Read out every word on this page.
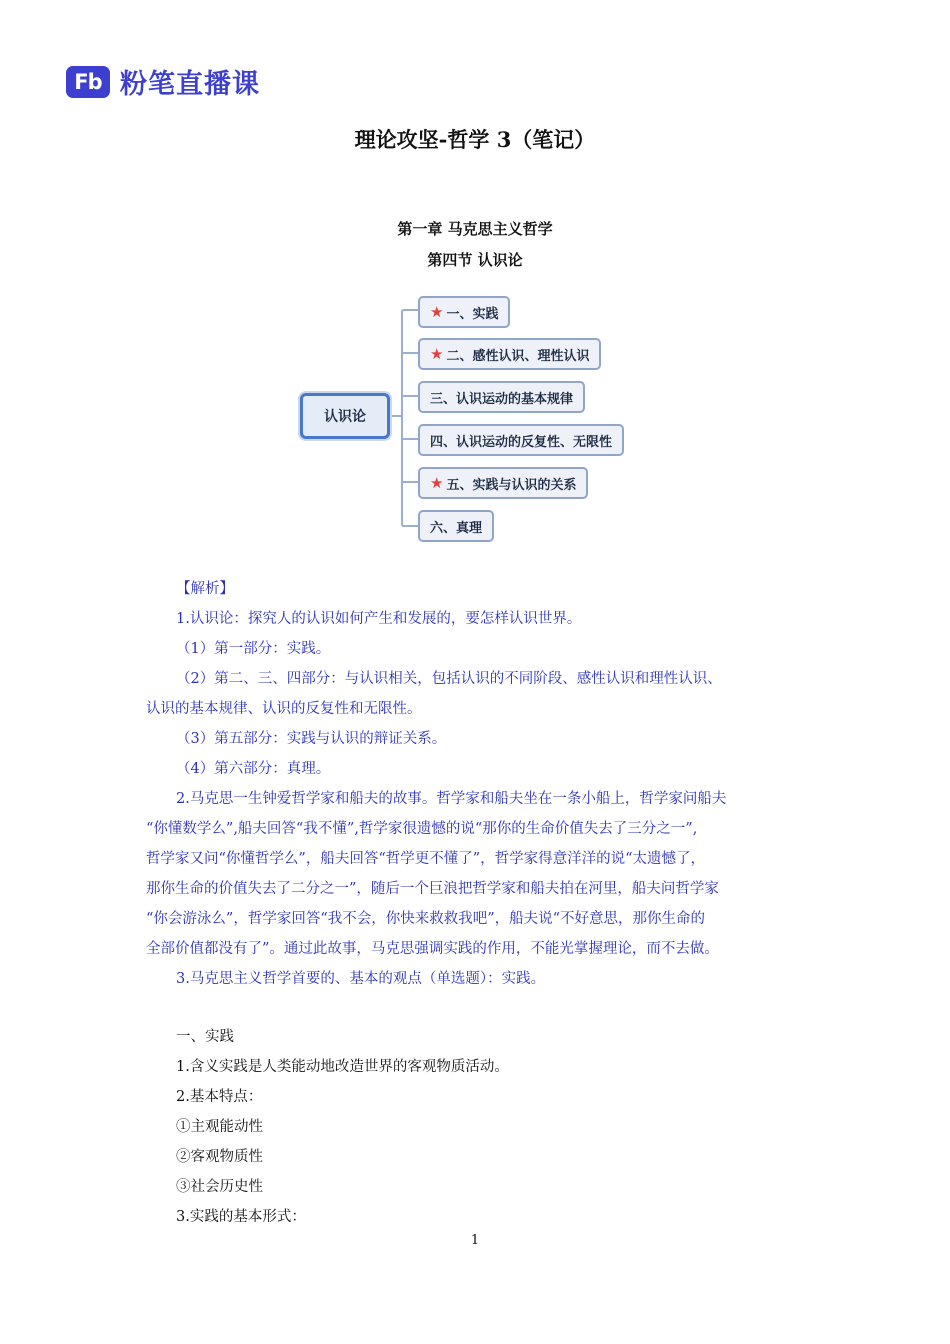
Fb 粉笔直播课
理论攻坚-哲学 3（笔记）
第一章 马克思主义哲学
第四节 认识论
认识论
★ 一、实践
★ 二、感性认识、理性认识
三、认识运动的基本规律
四、认识运动的反复性、无限性
★ 五、实践与认识的关系
六、真理
【解析】
1.认识论：探究人的认识如何产生和发展的，要怎样认识世界。
（1）第一部分：实践。
（2）第二、三、四部分：与认识相关，包括认识的不同阶段、感性认识和理性认识、
认识的基本规律、认识的反复性和无限性。
（3）第五部分：实践与认识的辩证关系。
（4）第六部分：真理。
2.马克思一生钟爱哲学家和船夫的故事。哲学家和船夫坐在一条小船上，哲学家问船夫
“你懂数学么”,船夫回答“我不懂”,哲学家很遗憾的说“那你的生命价值失去了三分之一”,
哲学家又问“你懂哲学么”，船夫回答“哲学更不懂了”，哲学家得意洋洋的说“太遗憾了，
那你生命的价值失去了二分之一”，随后一个巨浪把哲学家和船夫拍在河里，船夫问哲学家
“你会游泳么”，哲学家回答“我不会，你快来救救我吧”，船夫说“不好意思，那你生命的
全部价值都没有了”。通过此故事，马克思强调实践的作用，不能光掌握理论，而不去做。
3.马克思主义哲学首要的、基本的观点（单选题）：实践。
一、实践
1.含义实践是人类能动地改造世界的客观物质活动。
2.基本特点：
①主观能动性
②客观物质性
③社会历史性
3.实践的基本形式：
1
